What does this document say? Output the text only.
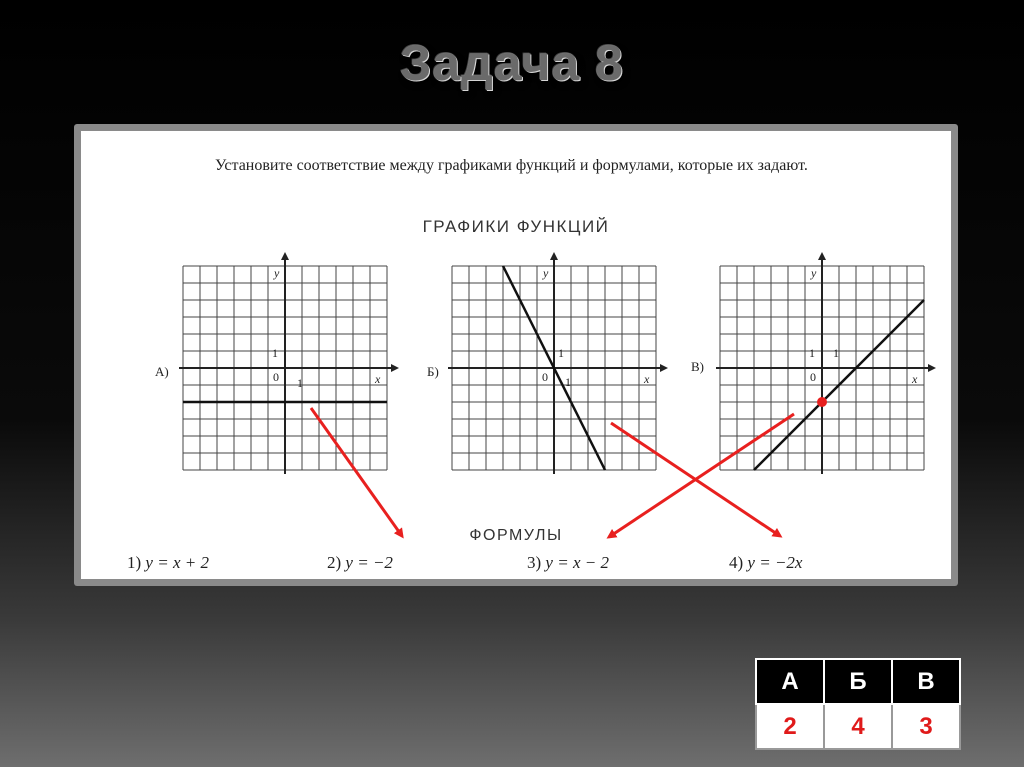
Задача 8
Установите соответствие между графиками функций и формулами, которые их задают.
ГРАФИКИ ФУНКЦИЙ
ФОРМУЛЫ
А)
y
x
0
1
1
Б)
y
x
0
1
1
В)
y
x
0
1 1
1) y = x + 2	2) y = −2	3) y = x − 2	4) y = −2x
А	Б	В
2	4	3
